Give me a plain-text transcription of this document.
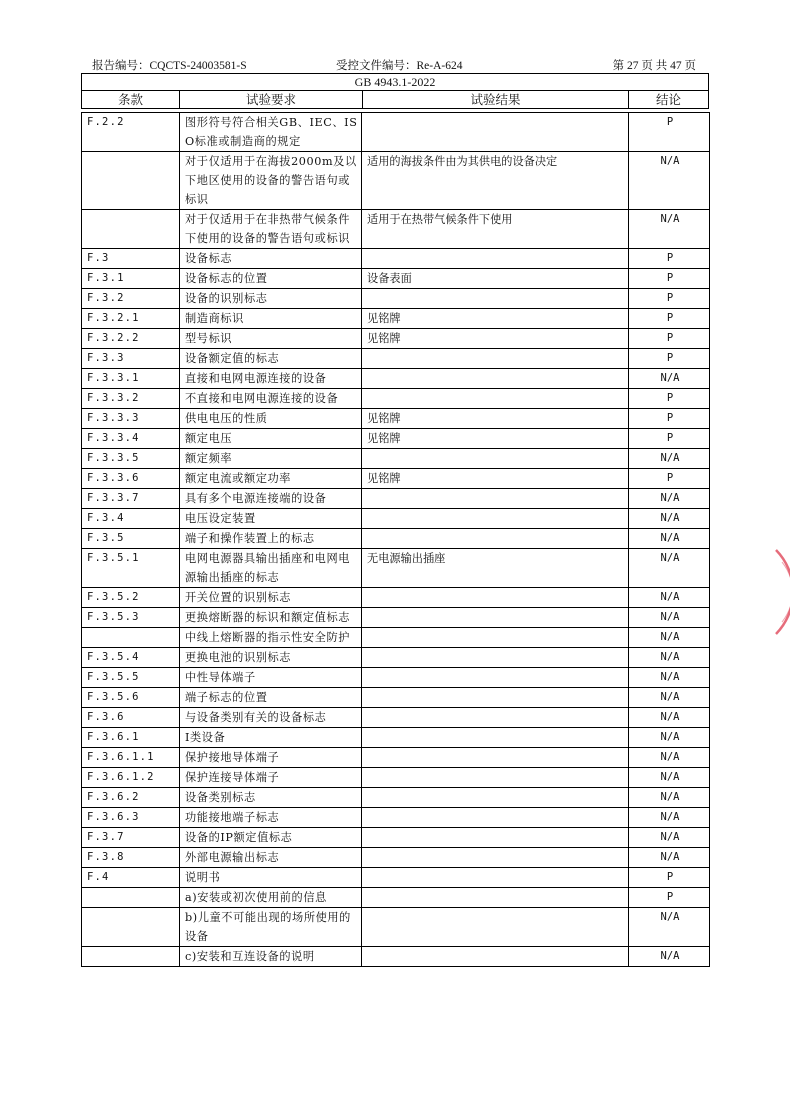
报告编号：CQCTS-24003581-S	受控文件编号：Re-A-624	第 27 页 共 47 页
GB 4943.1-2022
条款	试验要求	试验结果	结论
F.2.2	图形符号符合相关GB、IEC、ISO标准或制造商的规定		P
	对于仅适用于在海拔2000m及以下地区使用的设备的警告语句或标识	适用的海拔条件由为其供电的设备决定	N/A
	对于仅适用于在非热带气候条件下使用的设备的警告语句或标识	适用于在热带气候条件下使用	N/A
F.3	设备标志		P
F.3.1	设备标志的位置	设备表面	P
F.3.2	设备的识别标志		P
F.3.2.1	制造商标识	见铭牌	P
F.3.2.2	型号标识	见铭牌	P
F.3.3	设备额定值的标志		P
F.3.3.1	直接和电网电源连接的设备		N/A
F.3.3.2	不直接和电网电源连接的设备		P
F.3.3.3	供电电压的性质	见铭牌	P
F.3.3.4	额定电压	见铭牌	P
F.3.3.5	额定频率		N/A
F.3.3.6	额定电流或额定功率	见铭牌	P
F.3.3.7	具有多个电源连接端的设备		N/A
F.3.4	电压设定装置		N/A
F.3.5	端子和操作装置上的标志		N/A
F.3.5.1	电网电源器具输出插座和电网电源输出插座的标志	无电源输出插座	N/A
F.3.5.2	开关位置的识别标志		N/A
F.3.5.3	更换熔断器的标识和额定值标志		N/A
	中线上熔断器的指示性安全防护		N/A
F.3.5.4	更换电池的识别标志		N/A
F.3.5.5	中性导体端子		N/A
F.3.5.6	端子标志的位置		N/A
F.3.6	与设备类别有关的设备标志		N/A
F.3.6.1	I类设备		N/A
F.3.6.1.1	保护接地导体端子		N/A
F.3.6.1.2	保护连接导体端子		N/A
F.3.6.2	设备类别标志		N/A
F.3.6.3	功能接地端子标志		N/A
F.3.7	设备的IP额定值标志		N/A
F.3.8	外部电源输出标志		N/A
F.4	说明书		P
	a)安装或初次使用前的信息		P
	b)儿童不可能出现的场所使用的设备		N/A
	c)安装和互连设备的说明		N/A
